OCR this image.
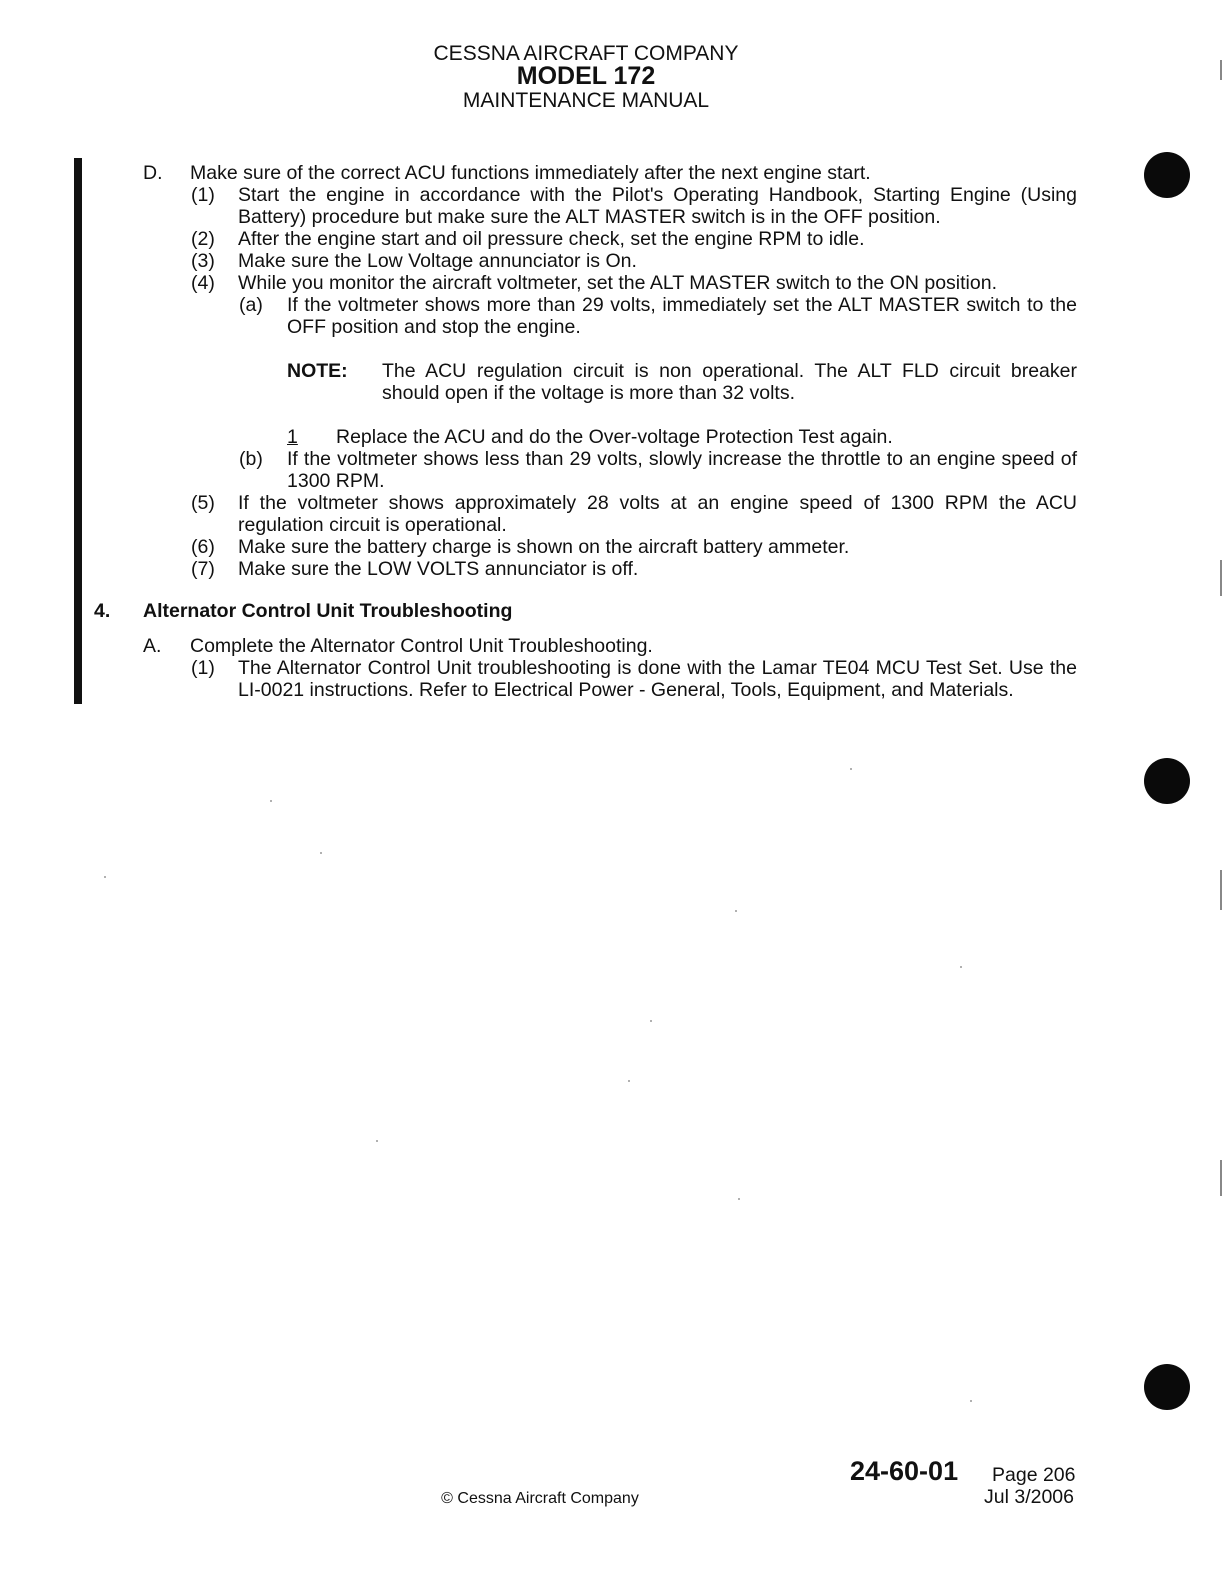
CESSNA AIRCRAFT COMPANY
MODEL 172
MAINTENANCE MANUAL
D. Make sure of the correct ACU functions immediately after the next engine start.
(1) Start the engine in accordance with the Pilot's Operating Handbook, Starting Engine (Using Battery) procedure but make sure the ALT MASTER switch is in the OFF position.
(2) After the engine start and oil pressure check, set the engine RPM to idle.
(3) Make sure the Low Voltage annunciator is On.
(4) While you monitor the aircraft voltmeter, set the ALT MASTER switch to the ON position.
(a) If the voltmeter shows more than 29 volts, immediately set the ALT MASTER switch to the OFF position and stop the engine.
NOTE: The ACU regulation circuit is non operational. The ALT FLD circuit breaker should open if the voltage is more than 32 volts.
1 Replace the ACU and do the Over-voltage Protection Test again.
(b) If the voltmeter shows less than 29 volts, slowly increase the throttle to an engine speed of 1300 RPM.
(5) If the voltmeter shows approximately 28 volts at an engine speed of 1300 RPM the ACU regulation circuit is operational.
(6) Make sure the battery charge is shown on the aircraft battery ammeter.
(7) Make sure the LOW VOLTS annunciator is off.
4. Alternator Control Unit Troubleshooting
A. Complete the Alternator Control Unit Troubleshooting.
(1) The Alternator Control Unit troubleshooting is done with the Lamar TE04 MCU Test Set. Use the LI-0021 instructions. Refer to Electrical Power - General, Tools, Equipment, and Materials.
24-60-01 Page 206
Jul 3/2006
© Cessna Aircraft Company
